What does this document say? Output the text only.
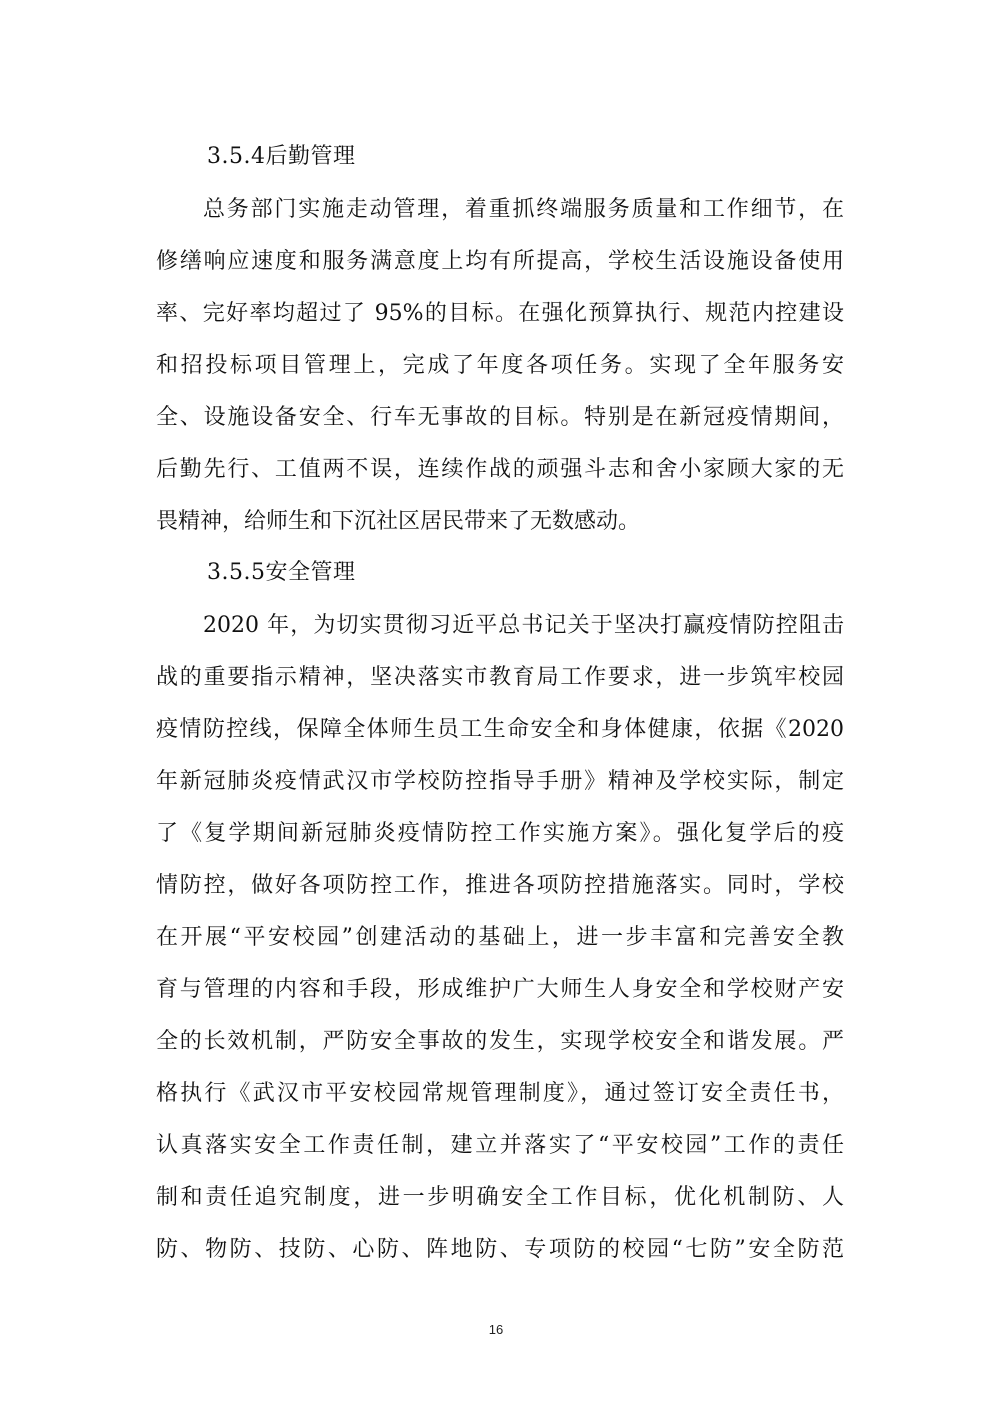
3.5.4后勤管理
总务部门实施走动管理，着重抓终端服务质量和工作细节，在
修缮响应速度和服务满意度上均有所提高，学校生活设施设备使用
率、完好率均超过了 95%的目标。在强化预算执行、规范内控建设
和招投标项目管理上，完成了年度各项任务。实现了全年服务安
全、设施设备安全、行车无事故的目标。特别是在新冠疫情期间，
后勤先行、工值两不误，连续作战的顽强斗志和舍小家顾大家的无
畏精神，给师生和下沉社区居民带来了无数感动。
3.5.5安全管理
2020 年，为切实贯彻习近平总书记关于坚决打赢疫情防控阻击
战的重要指示精神，坚决落实市教育局工作要求，进一步筑牢校园
疫情防控线，保障全体师生员工生命安全和身体健康，依据《2020
年新冠肺炎疫情武汉市学校防控指导手册》精神及学校实际，制定
了《复学期间新冠肺炎疫情防控工作实施方案》。强化复学后的疫
情防控，做好各项防控工作，推进各项防控措施落实。同时，学校
在开展“平安校园”创建活动的基础上，进一步丰富和完善安全教
育与管理的内容和手段，形成维护广大师生人身安全和学校财产安
全的长效机制，严防安全事故的发生，实现学校安全和谐发展。严
格执行《武汉市平安校园常规管理制度》，通过签订安全责任书，
认真落实安全工作责任制，建立并落实了“平安校园”工作的责任
制和责任追究制度，进一步明确安全工作目标，优化机制防、人
防、物防、技防、心防、阵地防、专项防的校园“七防”安全防范
16
